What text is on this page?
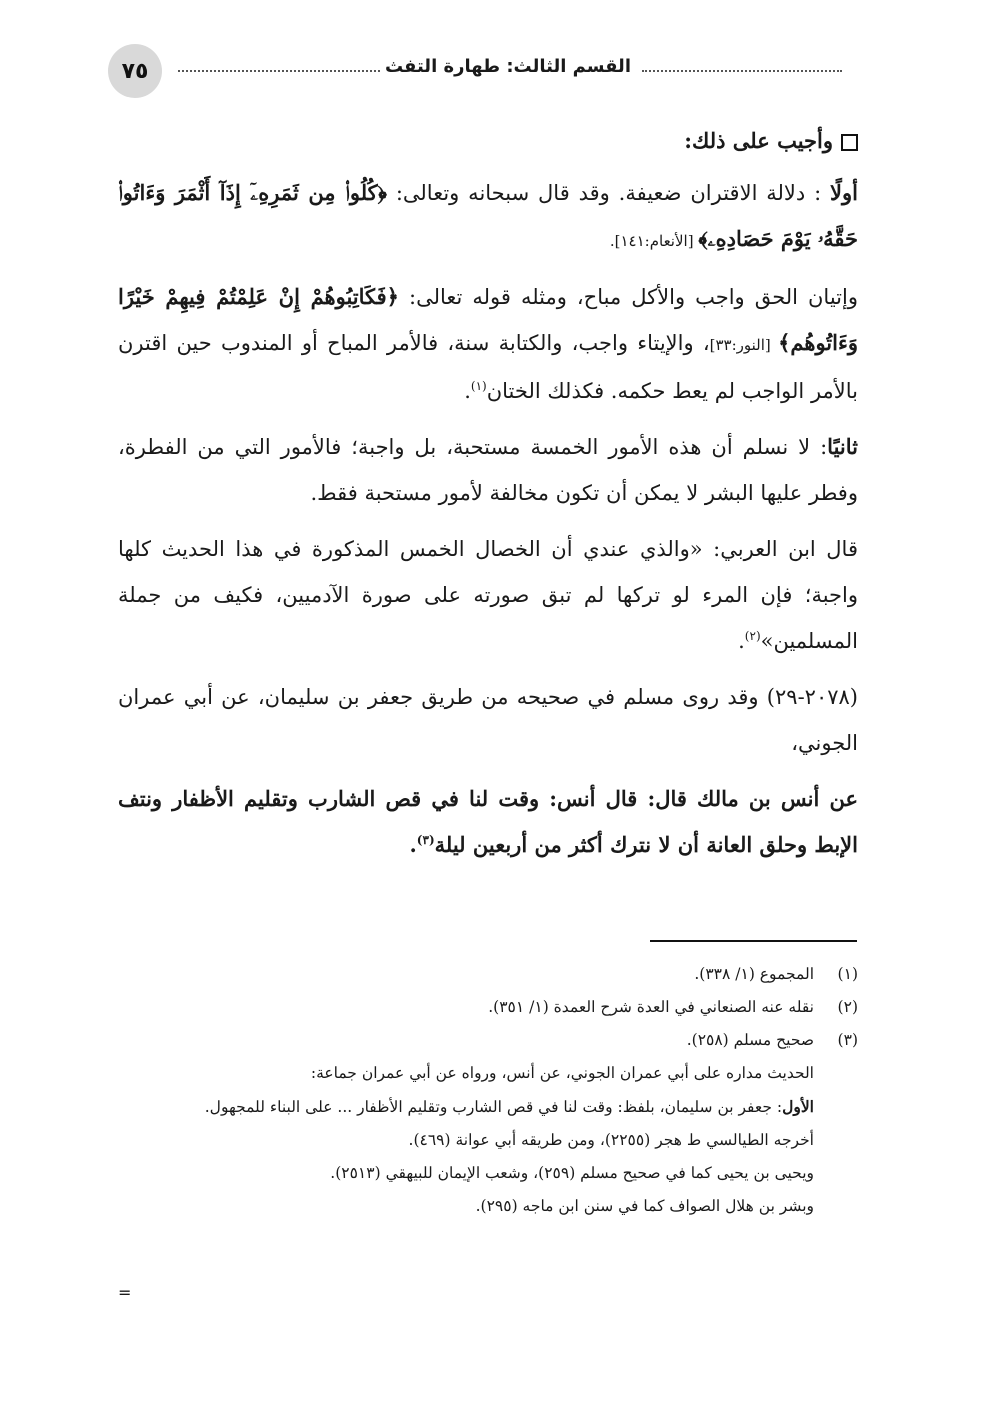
٧٥	القسم الثالث: طهارة التفث

وأجيب على ذلك:

أولًا : دلالة الاقتران ضعيفة. وقد قال سبحانه وتعالى: ﴿كُلُوا۟ مِن ثَمَرِهِۦٓ إِذَآ أَثْمَرَ وَءَاتُوا۟ حَقَّهُۥ يَوْمَ حَصَادِهِۦ﴾ [الأنعام:١٤١].

وإتيان الحق واجب والأكل مباح، ومثله قوله تعالى: ﴿فَكَاتِبُوهُمْ إِنْ عَلِمْتُمْ فِيهِمْ خَيْرًا وَءَاتُوهُم﴾ [النور:٣٣]، والإيتاء واجب، والكتابة سنة، فالأمر المباح أو المندوب حين اقترن بالأمر الواجب لم يعط حكمه. فكذلك الختان$^{(١)}$.

ثانيًا: لا نسلم أن هذه الأمور الخمسة مستحبة، بل واجبة؛ فالأمور التي من الفطرة، وفطر عليها البشر لا يمكن أن تكون مخالفة لأمور مستحبة فقط.

قال ابن العربي: «والذي عندي أن الخصال الخمس المذكورة في هذا الحديث كلها واجبة؛ فإن المرء لو تركها لم تبق صورته على صورة الآدميين، فكيف من جملة المسلمين»$^{(٢)}$.

(٢٠٧٨-٢٩) وقد روى مسلم في صحيحه من طريق جعفر بن سليمان، عن أبي عمران الجوني،

عن أنس بن مالك قال: قال أنس: وقت لنا في قص الشارب وتقليم الأظفار ونتف الإبط وحلق العانة أن لا نترك أكثر من أربعين ليلة$^{(٣)}$.

(١)
المجموع (١/ ٣٣٨).
(٢)
نقله عنه الصنعاني في العدة شرح العمدة (١/ ٣٥١).
(٣)
صحيح مسلم (٢٥٨).
الحديث مداره على أبي عمران الجوني، عن أنس، ورواه عن أبي عمران جماعة:
الأول: جعفر بن سليمان، بلفظ: وقت لنا في قص الشارب وتقليم الأظفار ... على البناء للمجهول.
أخرجه الطيالسي ط هجر (٢٢٥٥)، ومن طريقه أبي عوانة (٤٦٩).
ويحيى بن يحيى كما في صحيح مسلم (٢٥٩)، وشعب الإيمان للبيهقي (٢٥١٣).
وبشر بن هلال الصواف كما في سنن ابن ماجه (٢٩٥).
=
